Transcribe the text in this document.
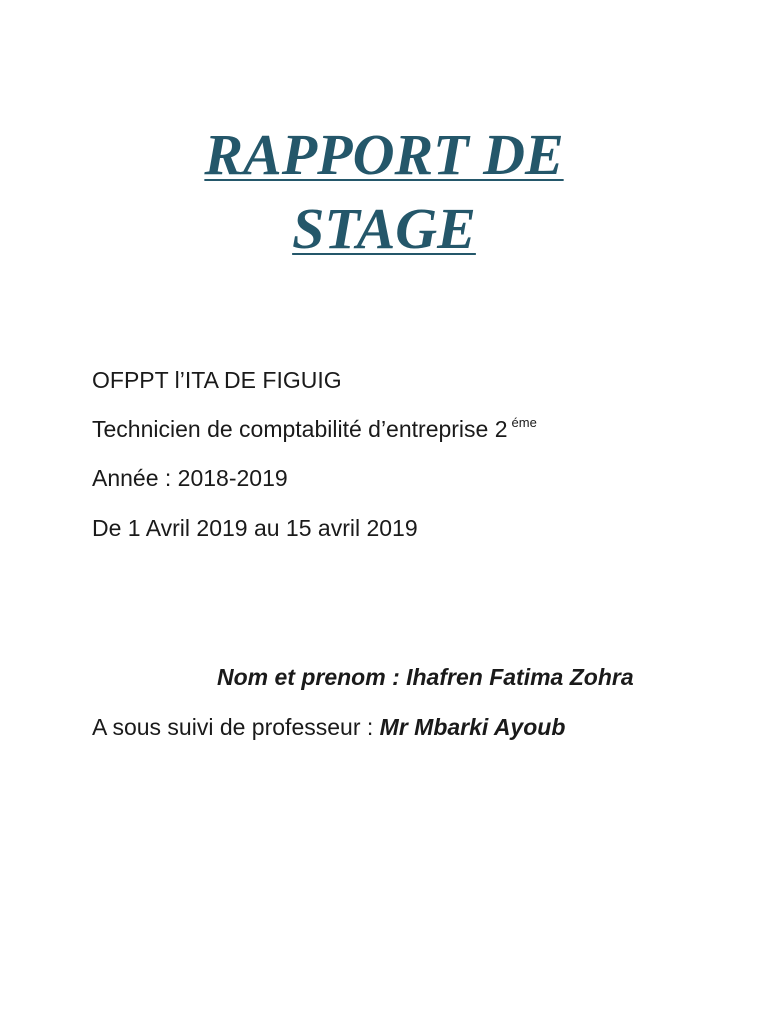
RAPPORT DE
STAGE
OFPPT l’ITA DE FIGUIG
Technicien de comptabilité d’entreprise 2 $^{éme}$
Année : 2018-2019
De 1 Avril 2019 au 15 avril 2019
Nom et prenom : Ihafren Fatima Zohra
A sous suivi de professeur : Mr Mbarki Ayoub
